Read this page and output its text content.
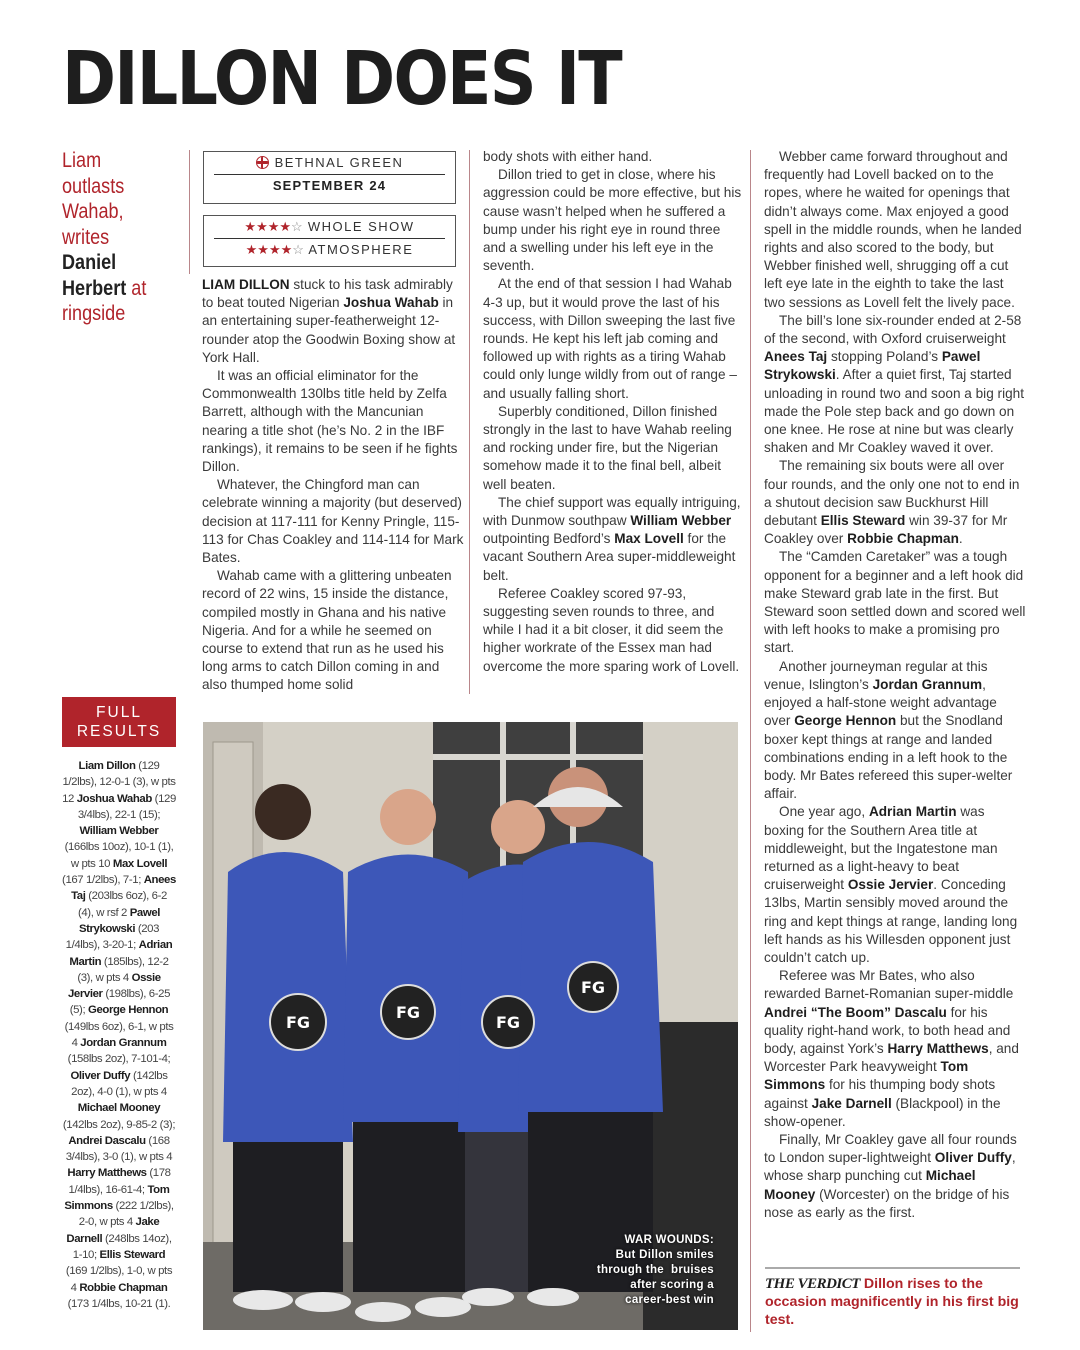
DILLON DOES IT
Liam outlasts Wahab, writes Daniel Herbert at ringside
BETHNAL GREEN
SEPTEMBER 24
★★★★☆ WHOLE SHOW
★★★★☆ ATMOSPHERE

LIAM DILLON stuck to his task admirably to beat touted Nigerian Joshua Wahab in an entertaining super-featherweight 12-rounder atop the Goodwin Boxing show at York Hall.

It was an official eliminator for the Commonwealth 130lbs title held by Zelfa Barrett, although with the Mancunian nearing a title shot (he’s No. 2 in the IBF rankings), it remains to be seen if he fights Dillon.

Whatever, the Chingford man can celebrate winning a majority (but deserved) decision at 117-111 for Kenny Pringle, 115-113 for Chas Coakley and 114-114 for Mark Bates.

Wahab came with a glittering unbeaten record of 22 wins, 15 inside the distance, compiled mostly in Ghana and his native Nigeria. And for a while he seemed on course to extend that run as he used his long arms to catch Dillon coming in and also thumped home solid

body shots with either hand.

Dillon tried to get in close, where his aggression could be more effective, but his cause wasn’t helped when he suffered a bump under his right eye in round three and a swelling under his left eye in the seventh.

At the end of that session I had Wahab 4-3 up, but it would prove the last of his success, with Dillon sweeping the last five rounds. He kept his left jab coming and followed up with rights as a tiring Wahab could only lunge wildly from out of range – and usually falling short.

Superbly conditioned, Dillon finished strongly in the last to have Wahab reeling and rocking under fire, but the Nigerian somehow made it to the final bell, albeit well beaten.

The chief support was equally intriguing, with Dunmow southpaw William Webber outpointing Bedford’s Max Lovell for the vacant Southern Area super-middleweight belt.

Referee Coakley scored 97-93, suggesting seven rounds to three, and while I had it a bit closer, it did seem the higher workrate of the Essex man had overcome the more sparing work of Lovell.

Webber came forward throughout and frequently had Lovell backed on to the ropes, where he waited for openings that didn’t always come. Max enjoyed a good spell in the middle rounds, when he landed rights and also scored to the body, but Webber finished well, shrugging off a cut left eye late in the eighth to take the last two sessions as Lovell felt the lively pace.

The bill’s lone six-rounder ended at 2-58 of the second, with Oxford cruiserweight Anees Taj stopping Poland’s Pawel Strykowski. After a quiet first, Taj started unloading in round two and soon a big right made the Pole step back and go down on one knee. He rose at nine but was clearly shaken and Mr Coakley waved it over.

The remaining six bouts were all over four rounds, and the only one not to end in a shutout decision saw Buckhurst Hill debutant Ellis Steward win 39-37 for Mr Coakley over Robbie Chapman.

The “Camden Caretaker” was a tough opponent for a beginner and a left hook did make Steward grab late in the first. But Steward soon settled down and scored well with left hooks to make a promising pro start.

Another journeyman regular at this venue, Islington’s Jordan Grannum, enjoyed a half-stone weight advantage over George Hennon but the Snodland boxer kept things at range and landed combinations ending in a left hook to the body. Mr Bates refereed this super-welter affair.

One year ago, Adrian Martin was boxing for the Southern Area title at middleweight, but the Ingatestone man returned as a light-heavy to beat cruiserweight Ossie Jervier. Conceding 13lbs, Martin sensibly moved around the ring and kept things at range, landing long left hands as his Willesden opponent just couldn’t catch up.

Referee was Mr Bates, who also rewarded Barnet-Romanian super-middle Andrei “The Boom” Dascalu for his quality right-hand work, to both head and body, against York’s Harry Matthews, and Worcester Park heavyweight Tom Simmons for his thumping body shots against Jake Darnell (Blackpool) in the show-opener.

Finally, Mr Coakley gave all four rounds to London super-lightweight Oliver Duffy, whose sharp punching cut Michael Mooney (Worcester) on the bridge of his nose as early as the first.

FULL RESULTS
Liam Dillon (129 1/2lbs), 12-0-1 (3), w pts 12 Joshua Wahab (129 3/4lbs), 22-1 (15); William Webber (166lbs 10oz), 10-1 (1), w pts 10 Max Lovell (167 1/2lbs), 7-1; Anees Taj (203lbs 6oz), 6-2 (4), w rsf 2 Pawel Strykowski (203 1/4lbs), 3-20-1; Adrian Martin (185lbs), 12-2 (3), w pts 4 Ossie Jervier (198lbs), 6-25 (5); George Hennon (149lbs 6oz), 6-1, w pts 4 Jordan Grannum (158lbs 2oz), 7-101-4; Oliver Duffy (142lbs 2oz), 4-0 (1), w pts 4 Michael Mooney (142lbs 2oz), 9-85-2 (3); Andrei Dascalu (168 3/4lbs), 3-0 (1), w pts 4 Harry Matthews (178 1/4lbs), 16-61-4; Tom Simmons (222 1/2lbs), 2-0, w pts 4 Jake Darnell (248lbs 14oz), 1-10; Ellis Steward (169 1/2lbs), 1-0, w pts 4 Robbie Chapman (173 1/4lbs, 10-21 (1).
FG
FG
FG
FG
WAR WOUNDS:
But Dillon smiles
through the  bruises
after scoring a
career-best win
THE VERDICT Dillon rises to the occasion magnificently in his first big test.
